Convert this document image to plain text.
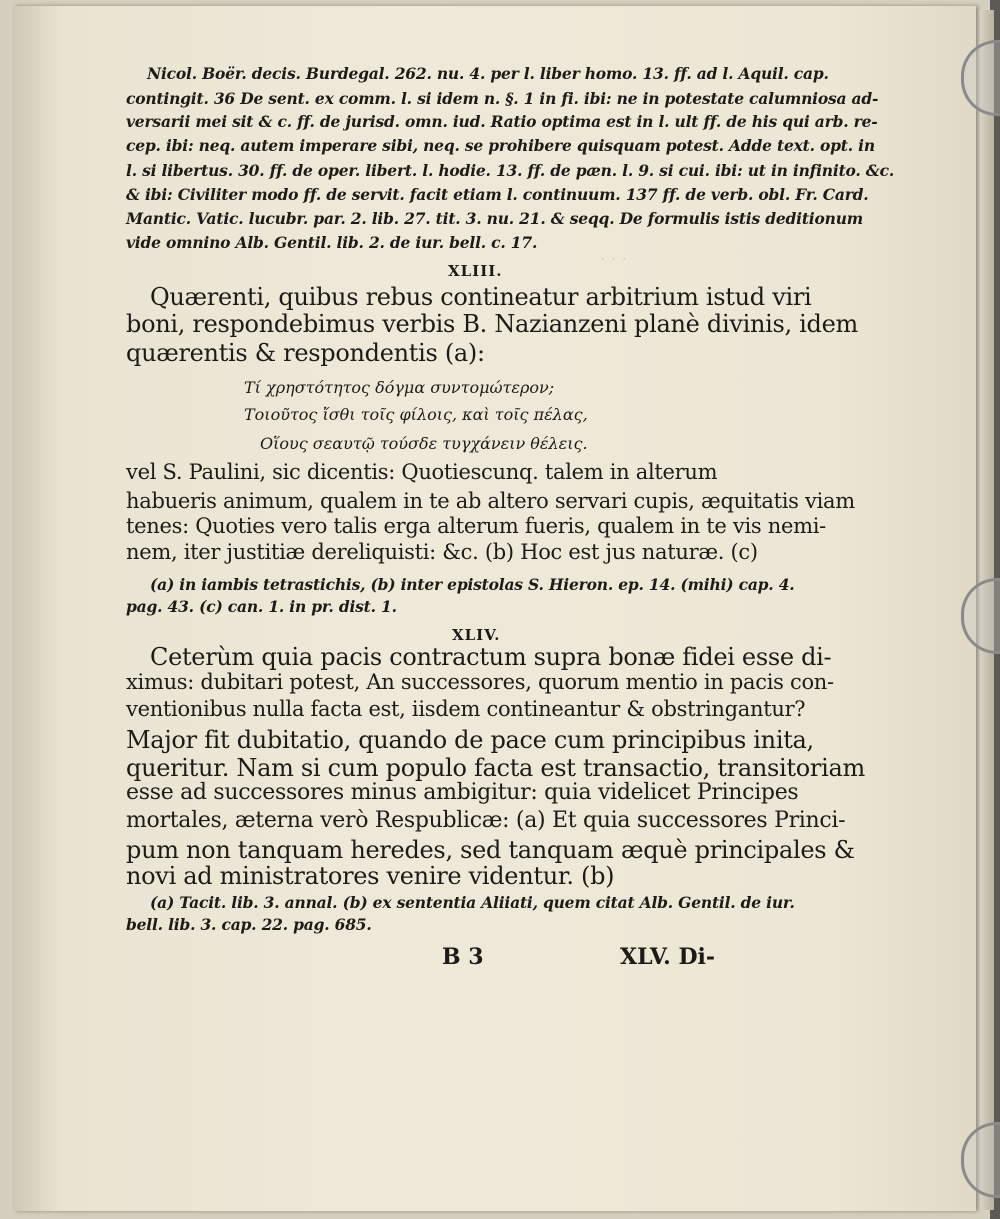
· · ·

Nicol. Boër. decis. Burdegal. 262. nu. 4. per l. liber homo. 13. ff. ad l. Aquil. cap.

contingit. 36 De sent. ex comm. l. si idem n. §. 1 in fi. ibi: ne in potestate calumniosa ad-

versarii mei sit & c. ff. de jurisd. omn. iud. Ratio optima est in l. ult ff. de his qui arb. re-

cep. ibi: neq. autem imperare sibi, neq. se prohibere quisquam potest. Adde text. opt. in

l. si libertus. 30. ff. de oper. libert. l. hodie. 13. ff. de pæn. l. 9. si cui. ibi: ut in infinito. &c.

& ibi: Civiliter modo ff. de servit. facit etiam l. continuum. 137 ff. de verb. obl. Fr. Card.

Mantic. Vatic. lucubr. par. 2. lib. 27. tit. 3. nu. 21. & seqq. De formulis istis deditionum

vide omnino Alb. Gentil. lib. 2. de iur. bell. c. 17.

XLIII.

Quærenti, quibus rebus contineatur arbitrium istud viri

boni, respondebimus verbis B. Nazianzeni planè divinis, idem

quærentis & respondentis (a):

Τί χρηστότητος δόγμα συντομώτερον;

Τοιοῦτος ἴσθι τοῖς φίλοις, καὶ τοῖς πέλας,

Οἵους σεαυτῷ τούσδε τυγχάνειν θέλεις.

vel S. Paulini, sic dicentis: Quotiescunq. talem in alterum

habueris animum, qualem in te ab altero servari cupis, æquitatis viam

tenes: Quoties vero talis erga alterum fueris, qualem in te vis nemi-

nem, iter justitiæ dereliquisti: &c. (b) Hoc est jus naturæ. (c)

(a) in iambis tetrastichis, (b) inter epistolas S. Hieron. ep. 14. (mihi) cap. 4.

pag. 43. (c) can. 1. in pr. dist. 1.

XLIV.

Ceterùm quia pacis contractum supra bonæ fidei esse di-

ximus: dubitari potest, An successores, quorum mentio in pacis con-

ventionibus nulla facta est, iisdem contineantur & obstringantur?

Major fit dubitatio, quando de pace cum principibus inita,

queritur. Nam si cum populo facta est transactio, transitoriam

esse ad successores minus ambigitur: quia videlicet Principes

mortales, æterna verò Respublicæ: (a) Et quia successores Princi-

pum non tanquam heredes, sed tanquam æquè principales &

novi ad ministratores venire videntur. (b)

(a) Tacit. lib. 3. annal. (b) ex sententia Aliiati, quem citat Alb. Gentil. de iur.

bell. lib. 3. cap. 22. pag. 685.

B 3	XLV. Di-
